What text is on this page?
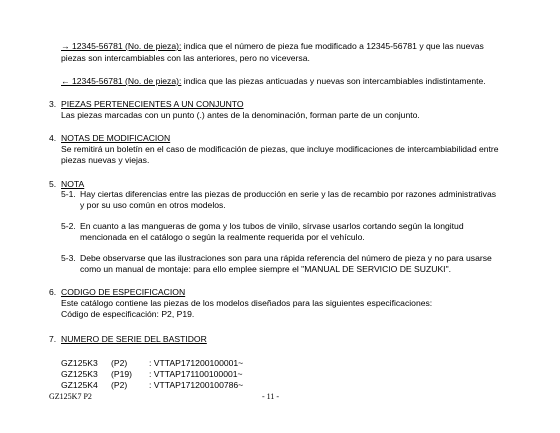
→ 12345-56781 (No. de pieza): indica que el número de pieza fue modificado a 12345-56781 y que las nuevas
piezas son intercambiables con las anteriores, pero no viceversa.
← 12345-56781 (No. de pieza): indica que las piezas anticuadas y nuevas son intercambiables indistintamente.
3. PIEZAS PERTENECIENTES A UN CONJUNTO
Las piezas marcadas con un punto (.) antes de la denominación, forman parte de un conjunto.
4. NOTAS DE MODIFICACION
Se remitirá un boletín en el caso de modificación de piezas, que incluye modificaciones de intercambiabilidad entre
piezas nuevas y viejas.
5. NOTA
5-1. Hay ciertas diferencias entre las piezas de producción en serie y las de recambio por razones administrativas
y por su uso común en otros modelos.
5-2. En cuanto a las mangueras de goma y los tubos de vinilo, sírvase usarlos cortando según la longitud
mencionada en el catálogo o según la realmente requerida por el vehículo.
5-3. Debe observarse que las ilustraciones son para una rápida referencia del número de pieza y no para usarse
como un manual de montaje: para ello emplee siempre el "MANUAL DE SERVICIO DE SUZUKI".
6. CODIGO DE ESPECIFICACION
Este catálogo contiene las piezas de los modelos diseñados para las siguientes especificaciones:
Código de especificación: P2, P19.
7. NUMERO DE SERIE DEL BASTIDOR
GZ125K3 (P2)	: VTTAP171200100001~
GZ125K3 (P19) : VTTAP171100100001~
GZ125K4 (P2)	: VTTAP171200100786~
GZ125K7 P2	- 11 -
